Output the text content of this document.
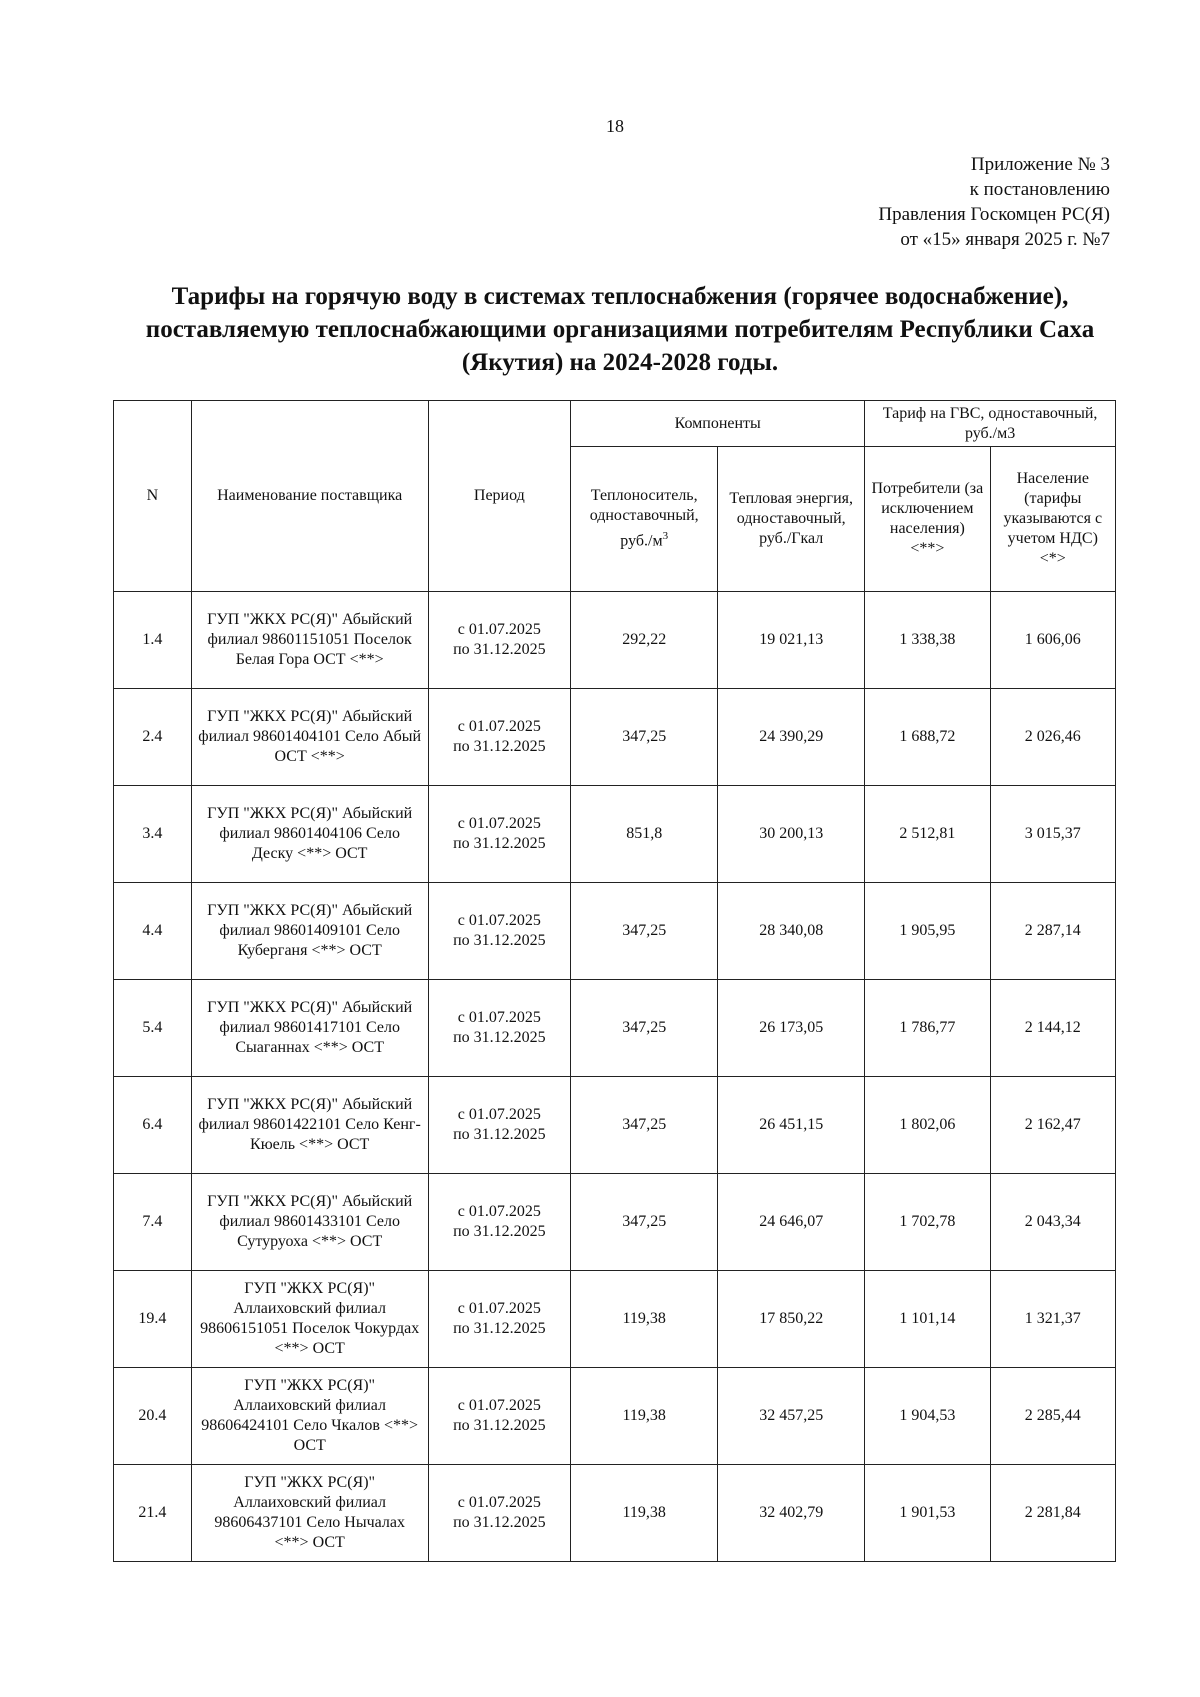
18
Приложение № 3
к постановлению
Правления Госкомцен РС(Я)
от «15» января 2025 г. №7
Тарифы на горячую воду в системах теплоснабжения (горячее водоснабжение), поставляемую теплоснабжающими организациями потребителям Республики Саха (Якутия) на 2024-2028 годы.
N	Наименование поставщика	Период	Компоненты		Тариф на ГВС, одноставочный, руб./м3	
			Теплоноситель, одноставочный, $руб./м^3$	Тепловая энергия, одноставочный, руб./Гкал	Потребители (за исключением населения) <**>	Население (тарифы указываются с учетом НДС) <*>
1.4	ГУП "ЖКХ РС(Я)" Абыйский филиал 98601151051 Поселок Белая Гора ОСТ <**>	с 01.07.2025
по 31.12.2025	292,22	19 021,13	1 338,38	1 606,06
2.4	ГУП "ЖКХ РС(Я)" Абыйский филиал 98601404101 Село Абый ОСТ <**>	с 01.07.2025
по 31.12.2025	347,25	24 390,29	1 688,72	2 026,46
3.4	ГУП "ЖКХ РС(Я)" Абыйский филиал 98601404106 Село Деску <**> ОСТ	с 01.07.2025
по 31.12.2025	851,8	30 200,13	2 512,81	3 015,37
4.4	ГУП "ЖКХ РС(Я)" Абыйский филиал 98601409101 Село Куберганя <**> ОСТ	с 01.07.2025
по 31.12.2025	347,25	28 340,08	1 905,95	2 287,14
5.4	ГУП "ЖКХ РС(Я)" Абыйский филиал 98601417101 Село Сыаганнах <**> ОСТ	с 01.07.2025
по 31.12.2025	347,25	26 173,05	1 786,77	2 144,12
6.4	ГУП "ЖКХ РС(Я)" Абыйский филиал 98601422101 Село Кенг-Кюель <**> ОСТ	с 01.07.2025
по 31.12.2025	347,25	26 451,15	1 802,06	2 162,47
7.4	ГУП "ЖКХ РС(Я)" Абыйский филиал 98601433101 Село Сутуруоха <**> ОСТ	с 01.07.2025
по 31.12.2025	347,25	24 646,07	1 702,78	2 043,34
19.4	ГУП "ЖКХ РС(Я)" Аллаиховский филиал 98606151051 Поселок Чокурдах <**> ОСТ	с 01.07.2025
по 31.12.2025	119,38	17 850,22	1 101,14	1 321,37
20.4	ГУП "ЖКХ РС(Я)" Аллаиховский филиал 98606424101 Село Чкалов <**> ОСТ	с 01.07.2025
по 31.12.2025	119,38	32 457,25	1 904,53	2 285,44
21.4	ГУП "ЖКХ РС(Я)" Аллаиховский филиал 98606437101 Село Нычалах <**> ОСТ	с 01.07.2025
по 31.12.2025	119,38	32 402,79	1 901,53	2 281,84
